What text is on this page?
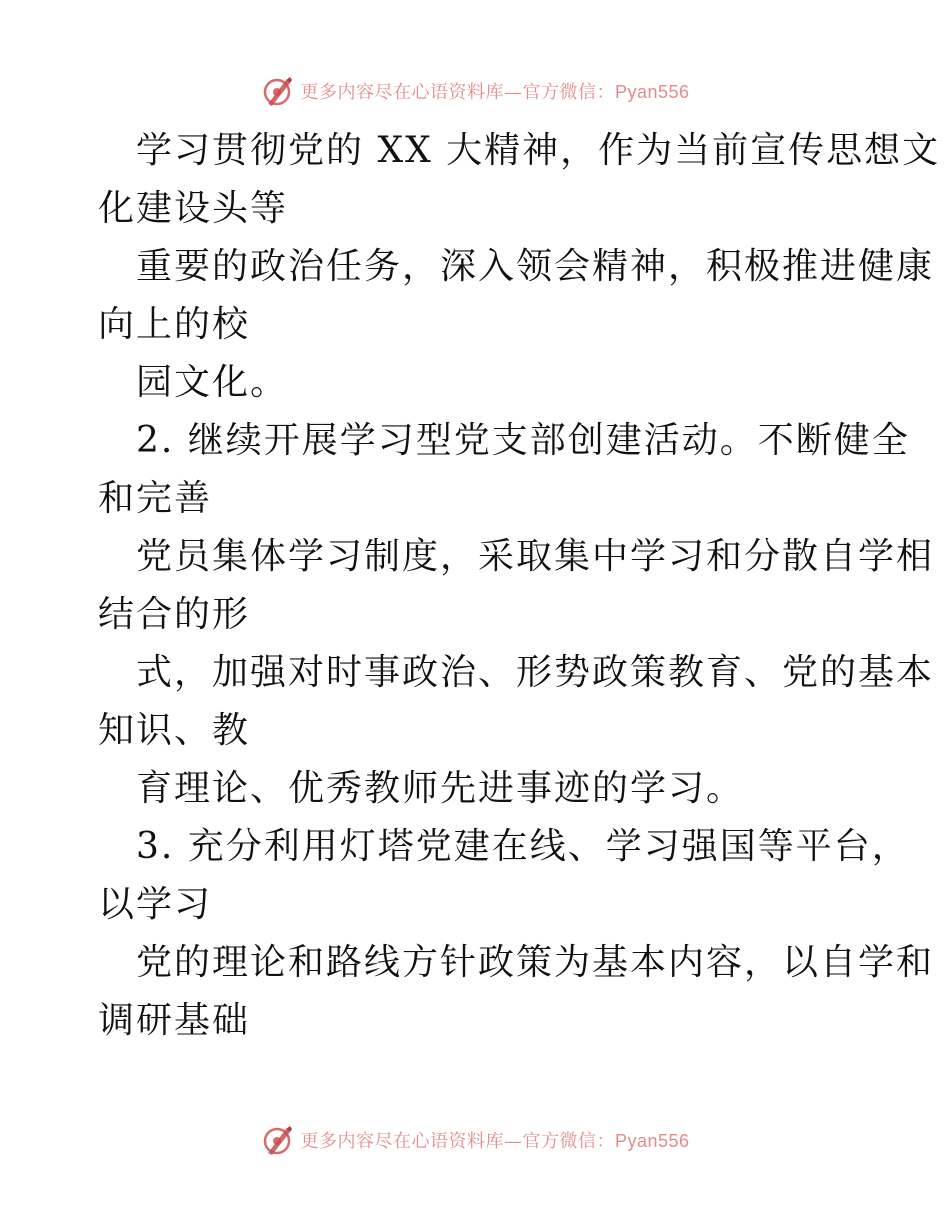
更多内容尽在心语资料库—官方微信：Pyan556
学习贯彻党的 XX 大精神，作为当前宣传思想文
化建设头等
重要的政治任务，深入领会精神，积极推进健康
向上的校
园文化。
2. 继续开展学习型党支部创建活动。不断健全
和完善
党员集体学习制度，采取集中学习和分散自学相
结合的形
式，加强对时事政治、形势政策教育、党的基本
知识、教
育理论、优秀教师先进事迹的学习。
3. 充分利用灯塔党建在线、学习强国等平台，
以学习
党的理论和路线方针政策为基本内容，以自学和
调研基础
更多内容尽在心语资料库—官方微信：Pyan556
